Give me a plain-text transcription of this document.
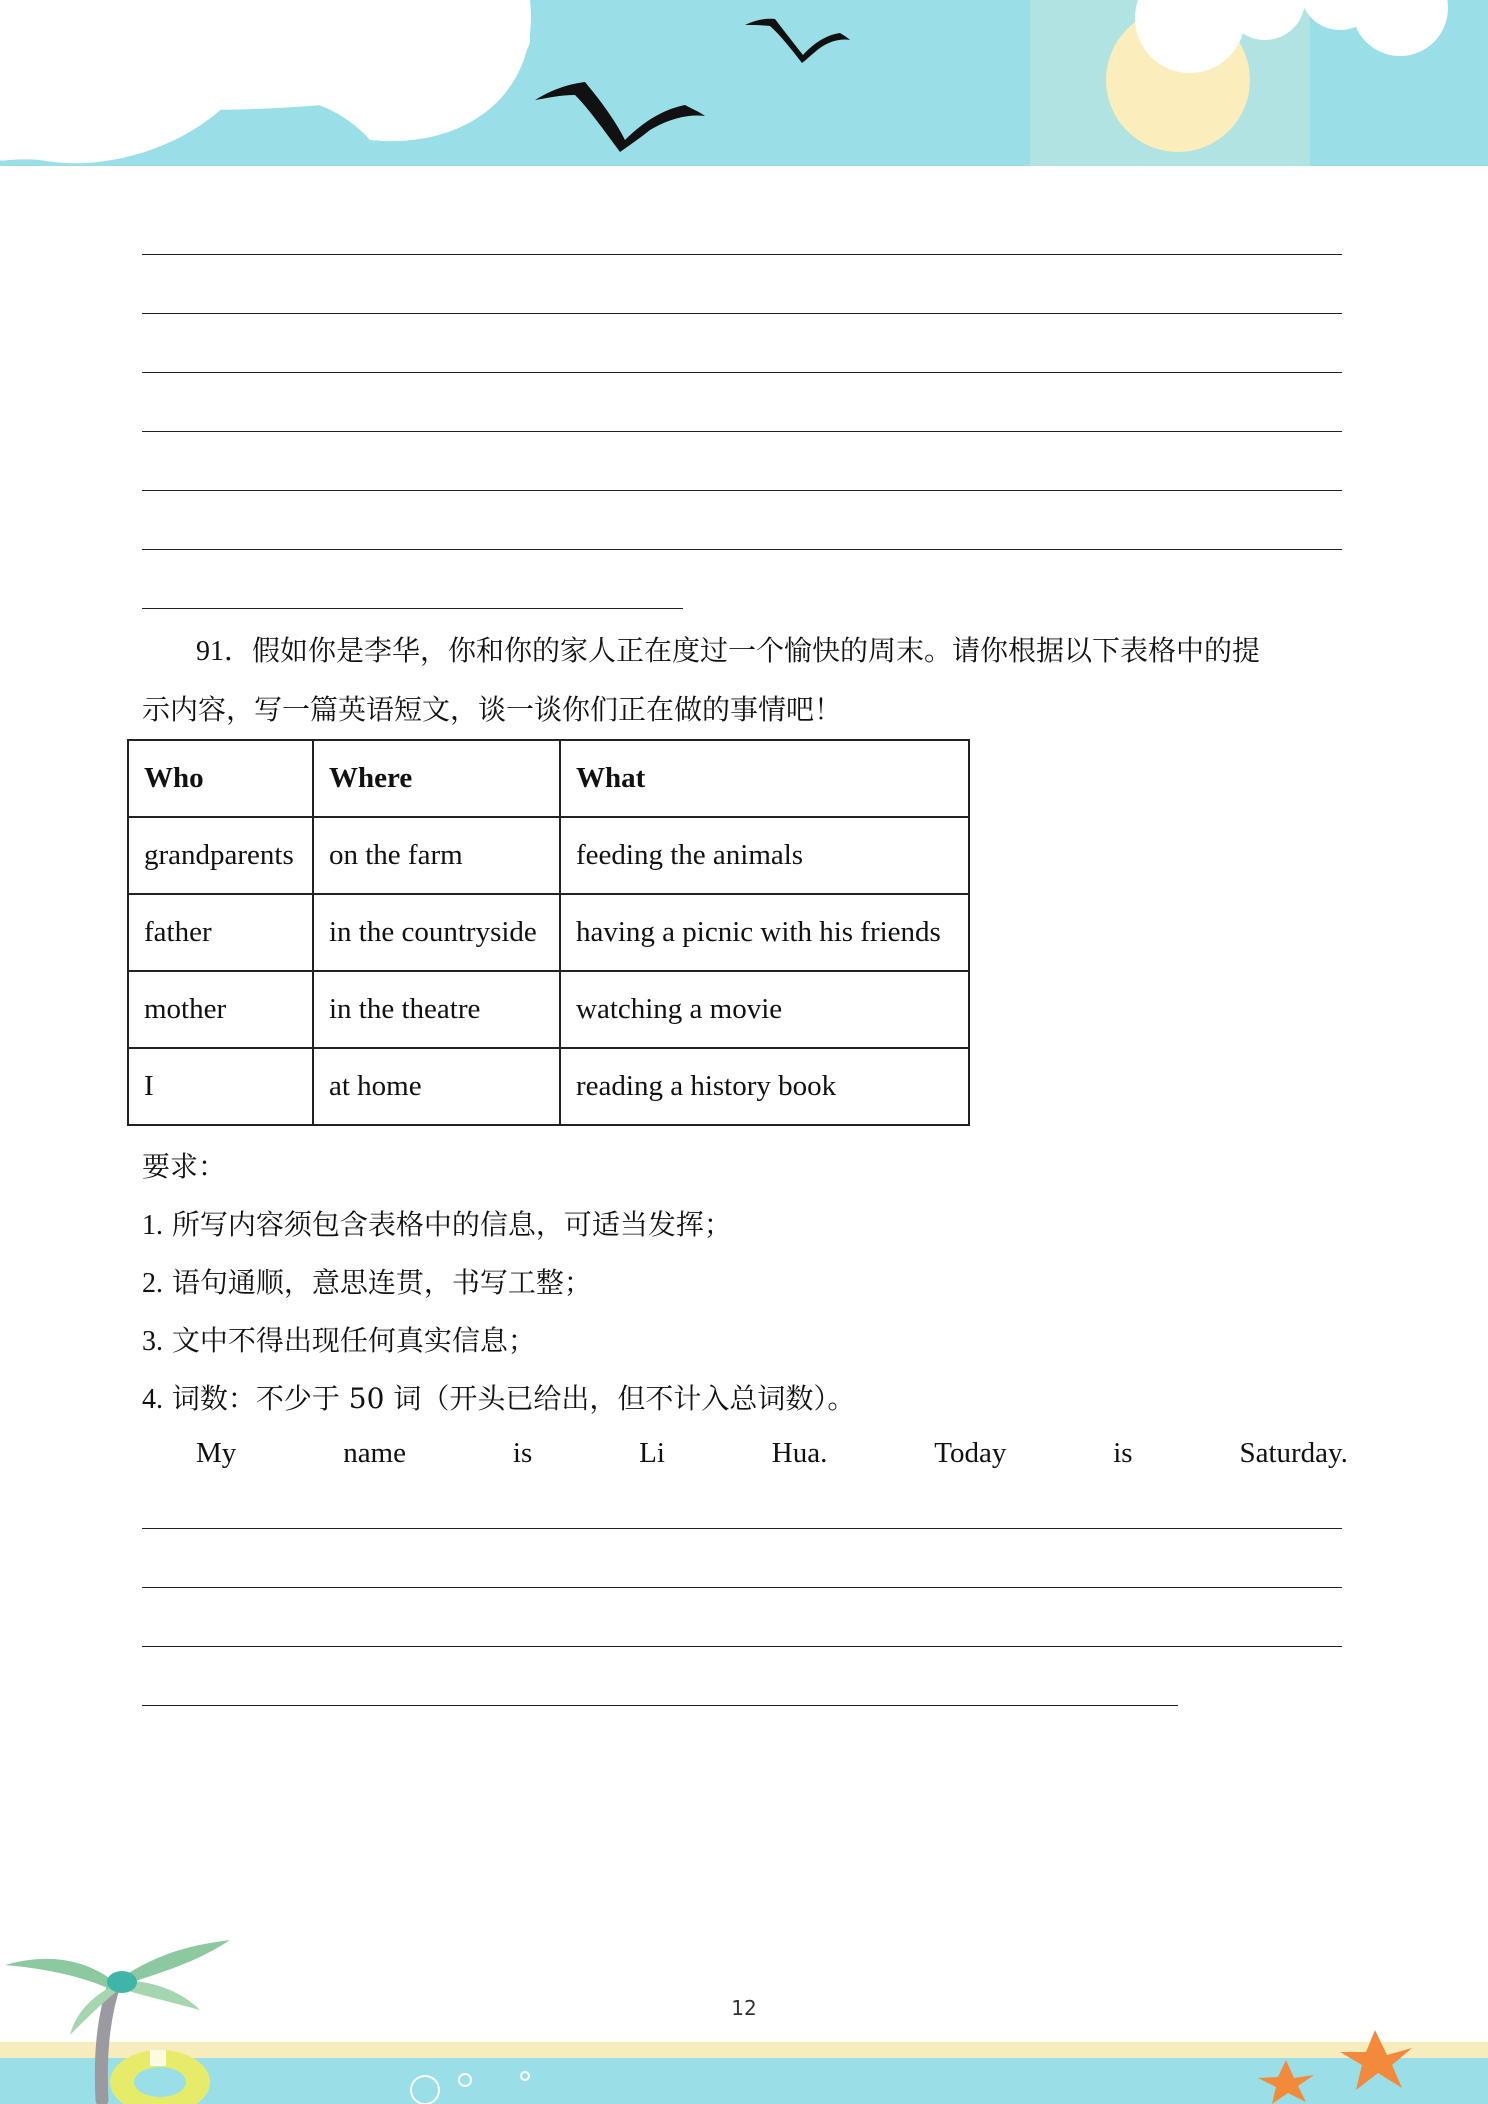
91．假如你是李华，你和你的家人正在度过一个愉快的周末。请你根据以下表格中的提
示内容，写一篇英语短文，谈一谈你们正在做的事情吧！

Who	Where	What
grandparents	on the farm	feeding the animals
father	in the countryside	having a picnic with his friends
mother	in the theatre	watching a movie
I	at home	reading a history book
要求：
1. 所写内容须包含表格中的信息，可适当发挥；
2. 语句通顺，意思连贯，书写工整；
3. 文中不得出现任何真实信息；
4. 词数：不少于 50 词（开头已给出，但不计入总词数）。
My	name	is	Li	Hua.	Today	is	Saturday.
12
